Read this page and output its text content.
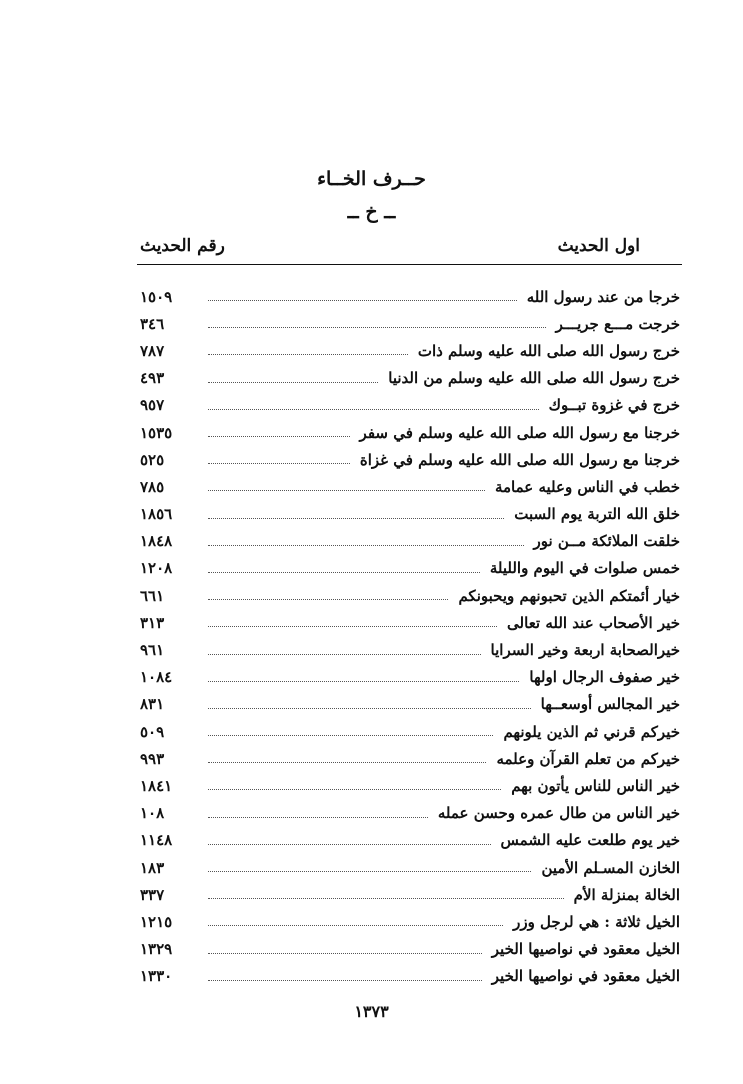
حــرف الخــاء
ــ خ ــ
اول الحديث
رقم الحديث
خرجا من عند رسول الله
١٥٠٩
خرجت مـــع جريـــر
٣٤٦
خرج رسول الله صلى الله عليه وسلم ذات
٧٨٧
خرج رسول الله صلى الله عليه وسلم من الدنيا
٤٩٣
خرج في غزوة تبــوك
٩٥٧
خرجنا مع رسول الله صلى الله عليه وسلم في سفر
١٥٣٥
خرجنا مع رسول الله صلى الله عليه وسلم في غزاة
٥٢٥
خطب في الناس وعليه عمامة
٧٨٥
خلق الله التربة يوم السبت
١٨٥٦
خلقت الملائكة مــن نور
١٨٤٨
خمس صلوات في اليوم والليلة
١٢٠٨
خيار أئمتكم الذين تحبونهم ويحبونكم
٦٦١
خير الأصحاب عند الله تعالى
٣١٣
خيرالصحابة اربعة وخير السرايا
٩٦١
خير صفوف الرجال اولها
١٠٨٤
خير المجالس أوسعــها
٨٣١
خيركم قرني ثم الذين يلونهم
٥٠٩
خيركم من تعلم القرآن وعلمه
٩٩٣
خير الناس للناس يأتون بهم
١٨٤١
خير الناس من طال عمره وحسن عمله
١٠٨
خير يوم طلعت عليه الشمس
١١٤٨
الخازن المسـلم الأمين
١٨٣
الخالة بمنزلة الأم
٣٣٧
الخيل ثلاثة : هي لرجل وزر
١٢١٥
الخيل معقود في نواصيها الخير
١٣٢٩
الخيل معقود في نواصيها الخير
١٣٣٠
١٣٧٣
